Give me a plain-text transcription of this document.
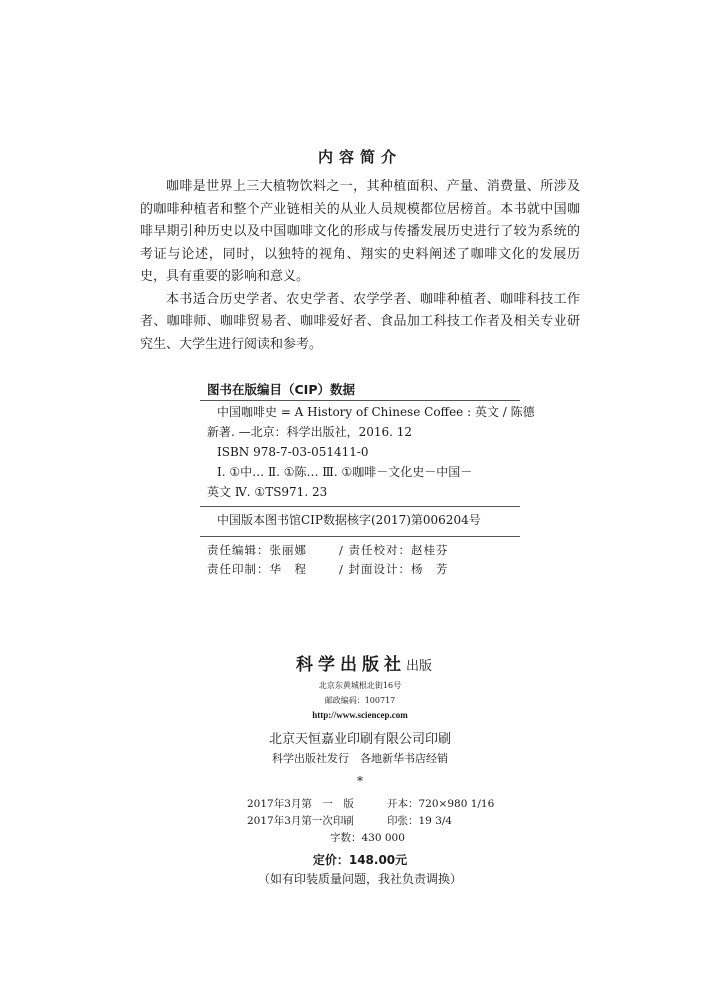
内容简介

咖啡是世界上三大植物饮料之一，其种植面积、产量、消费量、所涉及的咖啡种植者和整个产业链相关的从业人员规模都位居榜首。本书就中国咖啡早期引种历史以及中国咖啡文化的形成与传播发展历史进行了较为系统的考证与论述，同时，以独特的视角、翔实的史料阐述了咖啡文化的发展历史，具有重要的影响和意义。

本书适合历史学者、农史学者、农学学者、咖啡种植者、咖啡科技工作者、咖啡师、咖啡贸易者、咖啡爱好者、食品加工科技工作者及相关专业研究生、大学生进行阅读和参考。

图书在版编目（CIP）数据
中国咖啡史 = A History of Chinese Coffee : 英文 / 陈德
新著. —北京：科学出版社，2016. 12
ISBN 978-7-03-051411-0
Ⅰ. ①中… Ⅱ. ①陈… Ⅲ. ①咖啡－文化史－中国－
英文 Ⅳ. ①TS971. 23
中国版本图书馆CIP数据核字(2017)第006204号
责任编辑：张丽娜	/ 责任校对：赵桂芬
责任印制：华　程	/ 封面设计：杨　芳
科学出版社出版
北京东黄城根北街16号
邮政编码：100717
http://www.sciencep.com
北京天恒嘉业印刷有限公司印刷
科学出版社发行　各地新华书店经销
*
2017年3月第　一　版	开本：720×980 1/16
2017年3月第一次印刷	印张：19 3/4
字数：430 000
定价：148.00元
（如有印装质量问题，我社负责调换）
